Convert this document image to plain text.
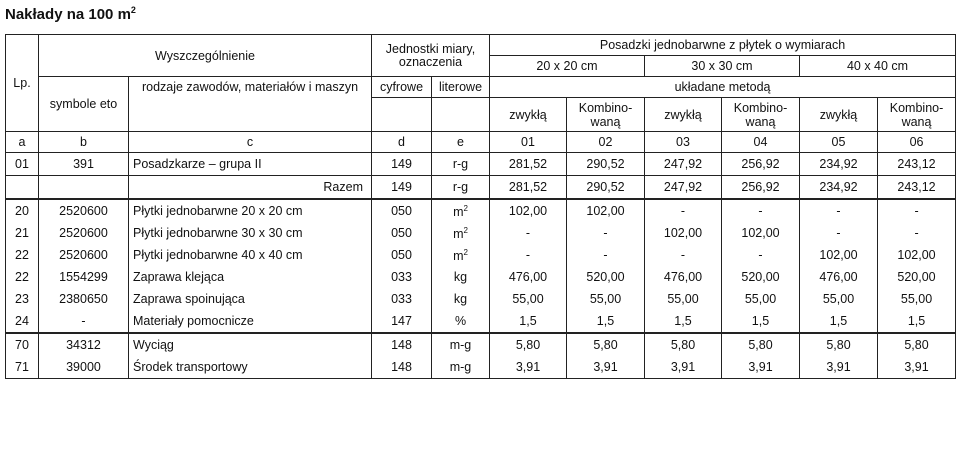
Nakłady na 100 $m^2$
Lp.	Wyszczególnienie		Jednostki miary, oznaczenia		Posadzki jednobarwne z płytek o wymiarach					
					20 x 20 cm		30 x 30 cm		40 x 40 cm	
	symbole eto	rodzaje zawodów, materiałów i maszyn	cyfrowe	literowe	układane metodą					
					zwykłą	Kombino-waną	zwykłą	Kombino-waną	zwykłą	Kombino-waną
a	b	c	d	e	01	02	03	04	05	06
01	391	Posadzkarze – grupa II	149	r-g	281,52	290,52	247,92	256,92	234,92	243,12
		Razem	149	r-g	281,52	290,52	247,92	256,92	234,92	243,12
20	2520600	Płytki jednobarwne 20 x 20 cm	050	$m^2$	102,00	102,00	-	-	-	-
21	2520600	Płytki jednobarwne 30 x 30 cm	050	$m^2$	-	-	102,00	102,00	-	-
22	2520600	Płytki jednobarwne 40 x 40 cm	050	$m^2$	-	-	-	-	102,00	102,00
22	1554299	Zaprawa klejąca	033	kg	476,00	520,00	476,00	520,00	476,00	520,00
23	2380650	Zaprawa spoinująca	033	kg	55,00	55,00	55,00	55,00	55,00	55,00
24	-	Materiały pomocnicze	147	%	1,5	1,5	1,5	1,5	1,5	1,5
70	34312	Wyciąg	148	m-g	5,80	5,80	5,80	5,80	5,80	5,80
71	39000	Środek transportowy	148	m-g	3,91	3,91	3,91	3,91	3,91	3,91
